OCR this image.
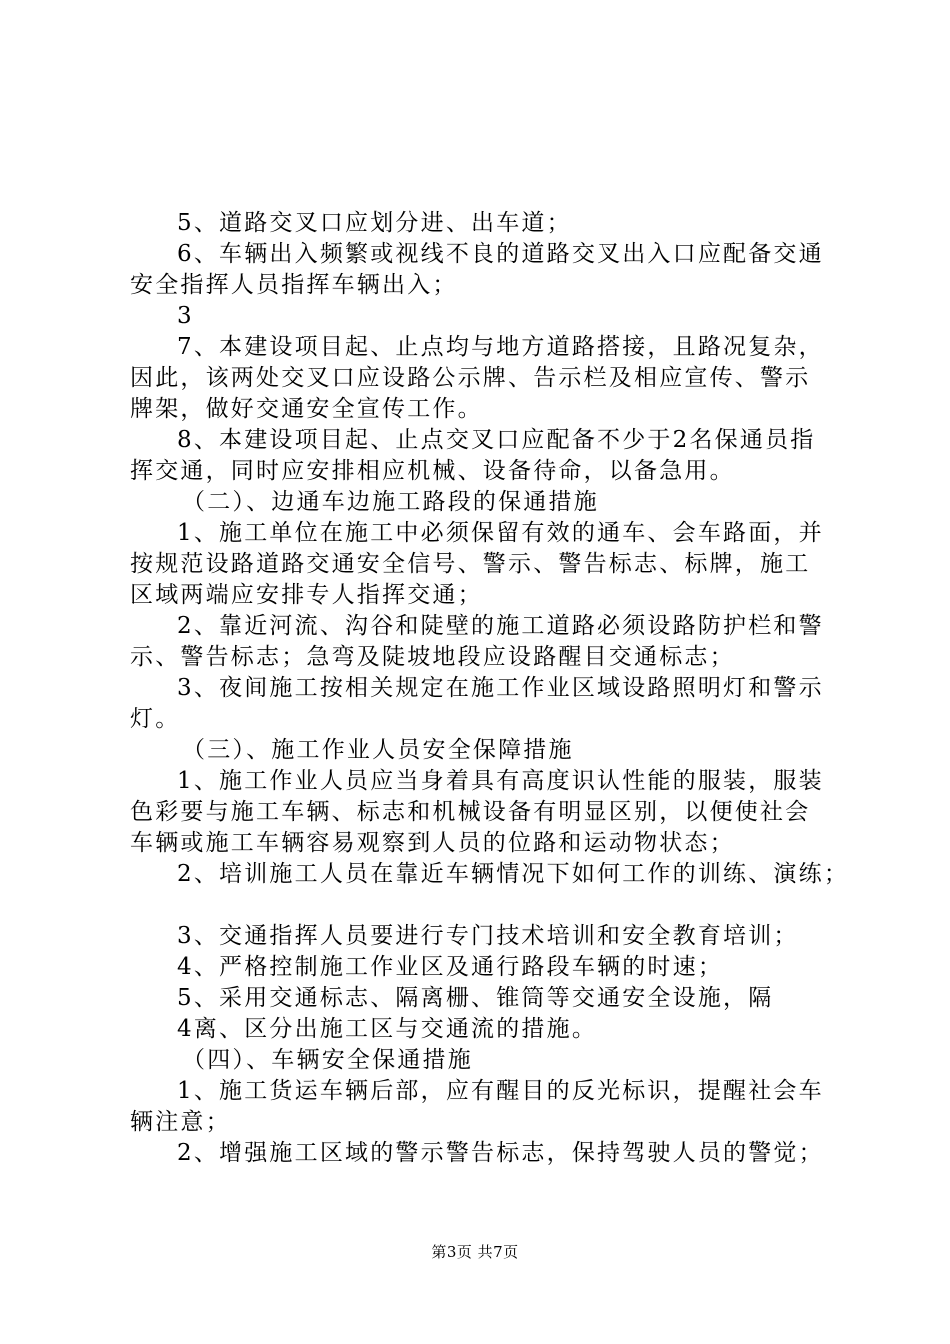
5、道路交叉口应划分进、出车道；
6、车辆出入频繁或视线不良的道路交叉出入口应配备交通
安全指挥人员指挥车辆出入；
3
7、本建设项目起、止点均与地方道路搭接，且路况复杂，
因此，该两处交叉口应设路公示牌、告示栏及相应宣传、警示
牌架，做好交通安全宣传工作。
8、本建设项目起、止点交叉口应配备不少于2名保通员指
挥交通，同时应安排相应机械、设备待命，以备急用。
（二）、边通车边施工路段的保通措施
1、施工单位在施工中必须保留有效的通车、会车路面，并
按规范设路道路交通安全信号、警示、警告标志、标牌，施工
区域两端应安排专人指挥交通；
2、靠近河流、沟谷和陡壁的施工道路必须设路防护栏和警
示、警告标志；急弯及陡坡地段应设路醒目交通标志；
3、夜间施工按相关规定在施工作业区域设路照明灯和警示
灯。
（三）、施工作业人员安全保障措施
1、施工作业人员应当身着具有高度识认性能的服装，服装
色彩要与施工车辆、标志和机械设备有明显区别，以便使社会
车辆或施工车辆容易观察到人员的位路和运动物状态；
2、培训施工人员在靠近车辆情况下如何工作的训练、演练；
3、交通指挥人员要进行专门技术培训和安全教育培训；
4、严格控制施工作业区及通行路段车辆的时速；
5、采用交通标志、隔离栅、锥筒等交通安全设施，隔
4离、区分出施工区与交通流的措施。
（四）、车辆安全保通措施
1、施工货运车辆后部，应有醒目的反光标识，提醒社会车
辆注意；
2、增强施工区域的警示警告标志，保持驾驶人员的警觉；
第3页 共7页
